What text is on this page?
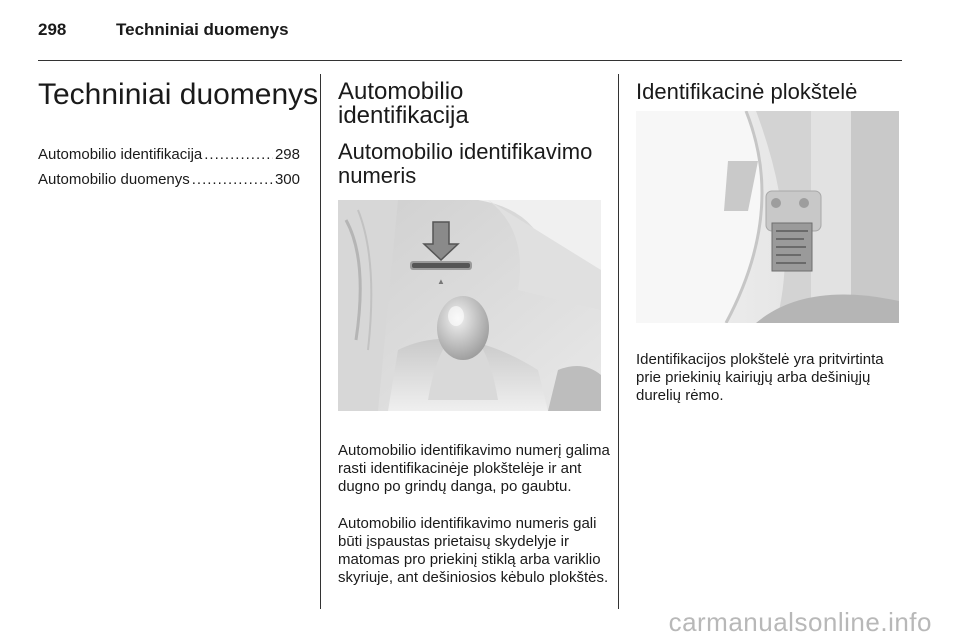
298	Techniniai duomenys
Techniniai duomenys
Automobilio identifikacija .....	298
Automobilio duomenys .....	300
Automobilio
identifikacija
Automobilio identifikavimo
numeris
▲

Automobilio identifikavimo numerį galima rasti identifikacinėje plokštelėje ir ant dugno po grindų danga, po gaubtu.

Automobilio identifikavimo numeris gali būti įspaustas prietaisų skydelyje ir matomas pro priekinį stiklą arba variklio skyriuje, ant dešiniosios kėbulo plokštės.

Identifikacinė plokštelė

Identifikacijos plokštelė yra pritvirtinta prie priekinių kairiųjų arba dešiniųjų durelių rėmo.

carmanualsonline.info
